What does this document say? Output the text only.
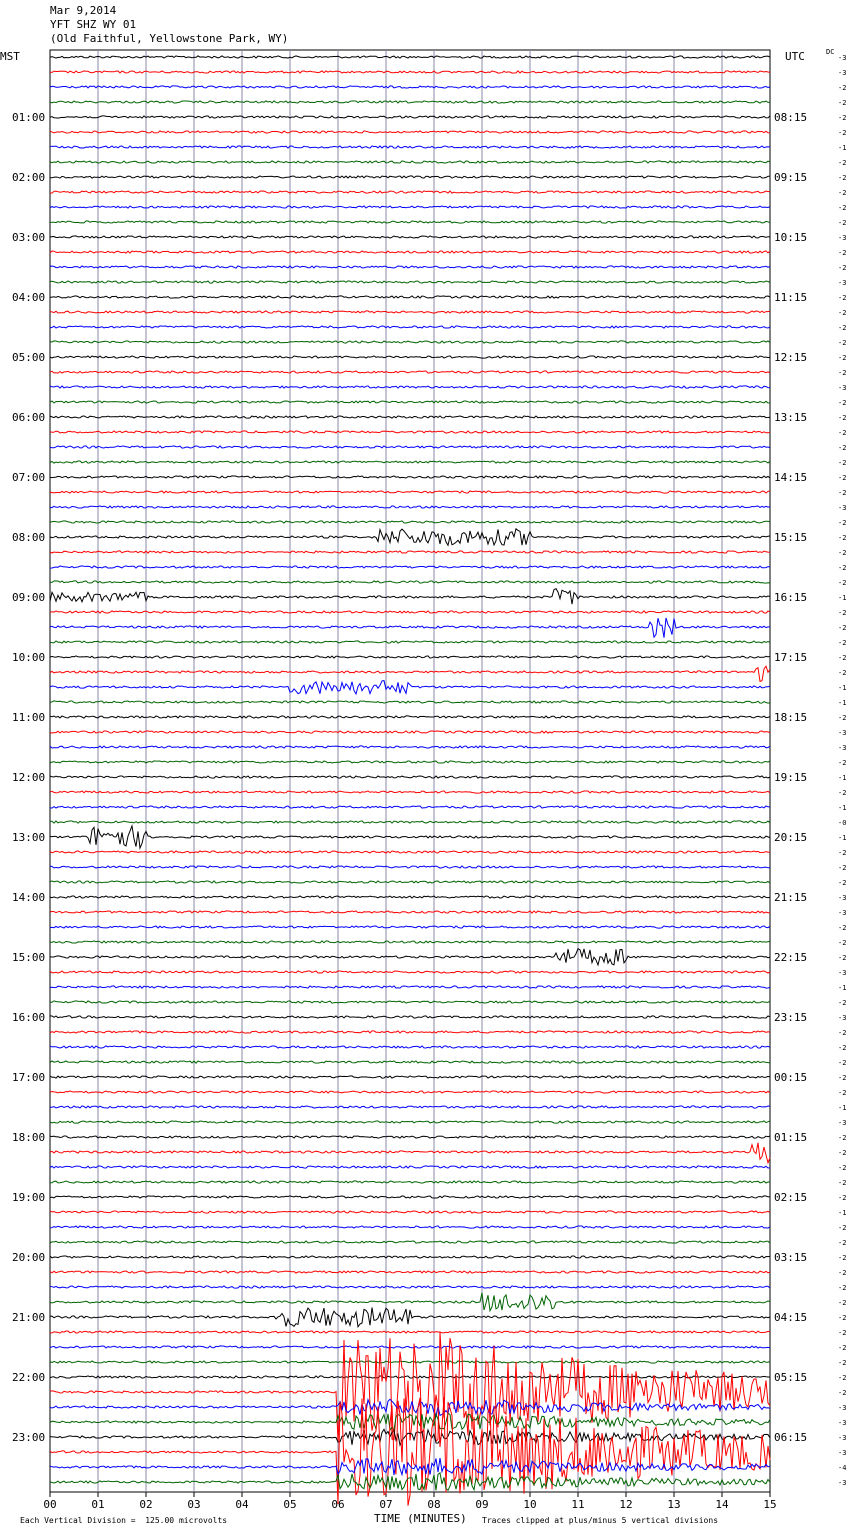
Mar 9,2014
YFT SHZ WY 01
(Old Faithful, Yellowstone Park, WY)
MST	UTC	DC
00	01	02	03	04	05	06	07	08	09	10	11	12	13	14	15
-3
-3
-2
-2
-2
-2
-1
-2
-2
-2
-2
-2
-3
-2
-2
-3
-2
-2
-2
-2
-2
-2
-3
-2
-2
-2
-2
-2
-2
-2
-3
-2
-2
-2
-2
-2
-1
-2
-2
-2
-2
-2
-1
-1
-2
-3
-3
-2
-1
-2
-1
-0
-1
-2
-2
-2
-3
-3
-2
-2
-2
-3
-1
-2
-3
-2
-2
-2
-2
-2
-1
-3
-2
-2
-2
-2
-2
-1
-2
-2
-2
-2
-2
-2
-2
-2
-2
-2
-2
-2
-3
-3
-3
-3
-4
-3
01:00
02:00
03:00
04:00
05:00
06:00
07:00
08:00
09:00
10:00
11:00
12:00
13:00
14:00
15:00
16:00
17:00
18:00
19:00
20:00
21:00
22:00
23:00
08:15
09:15
10:15
11:15
12:15
13:15
14:15
15:15
16:15
17:15
18:15
19:15
20:15
21:15
22:15
23:15
00:15
01:15
02:15
03:15
04:15
05:15
06:15
Each Vertical Division =  125.00 microvolts	TIME (MINUTES) Traces clipped at plus/minus 5 vertical divisions
